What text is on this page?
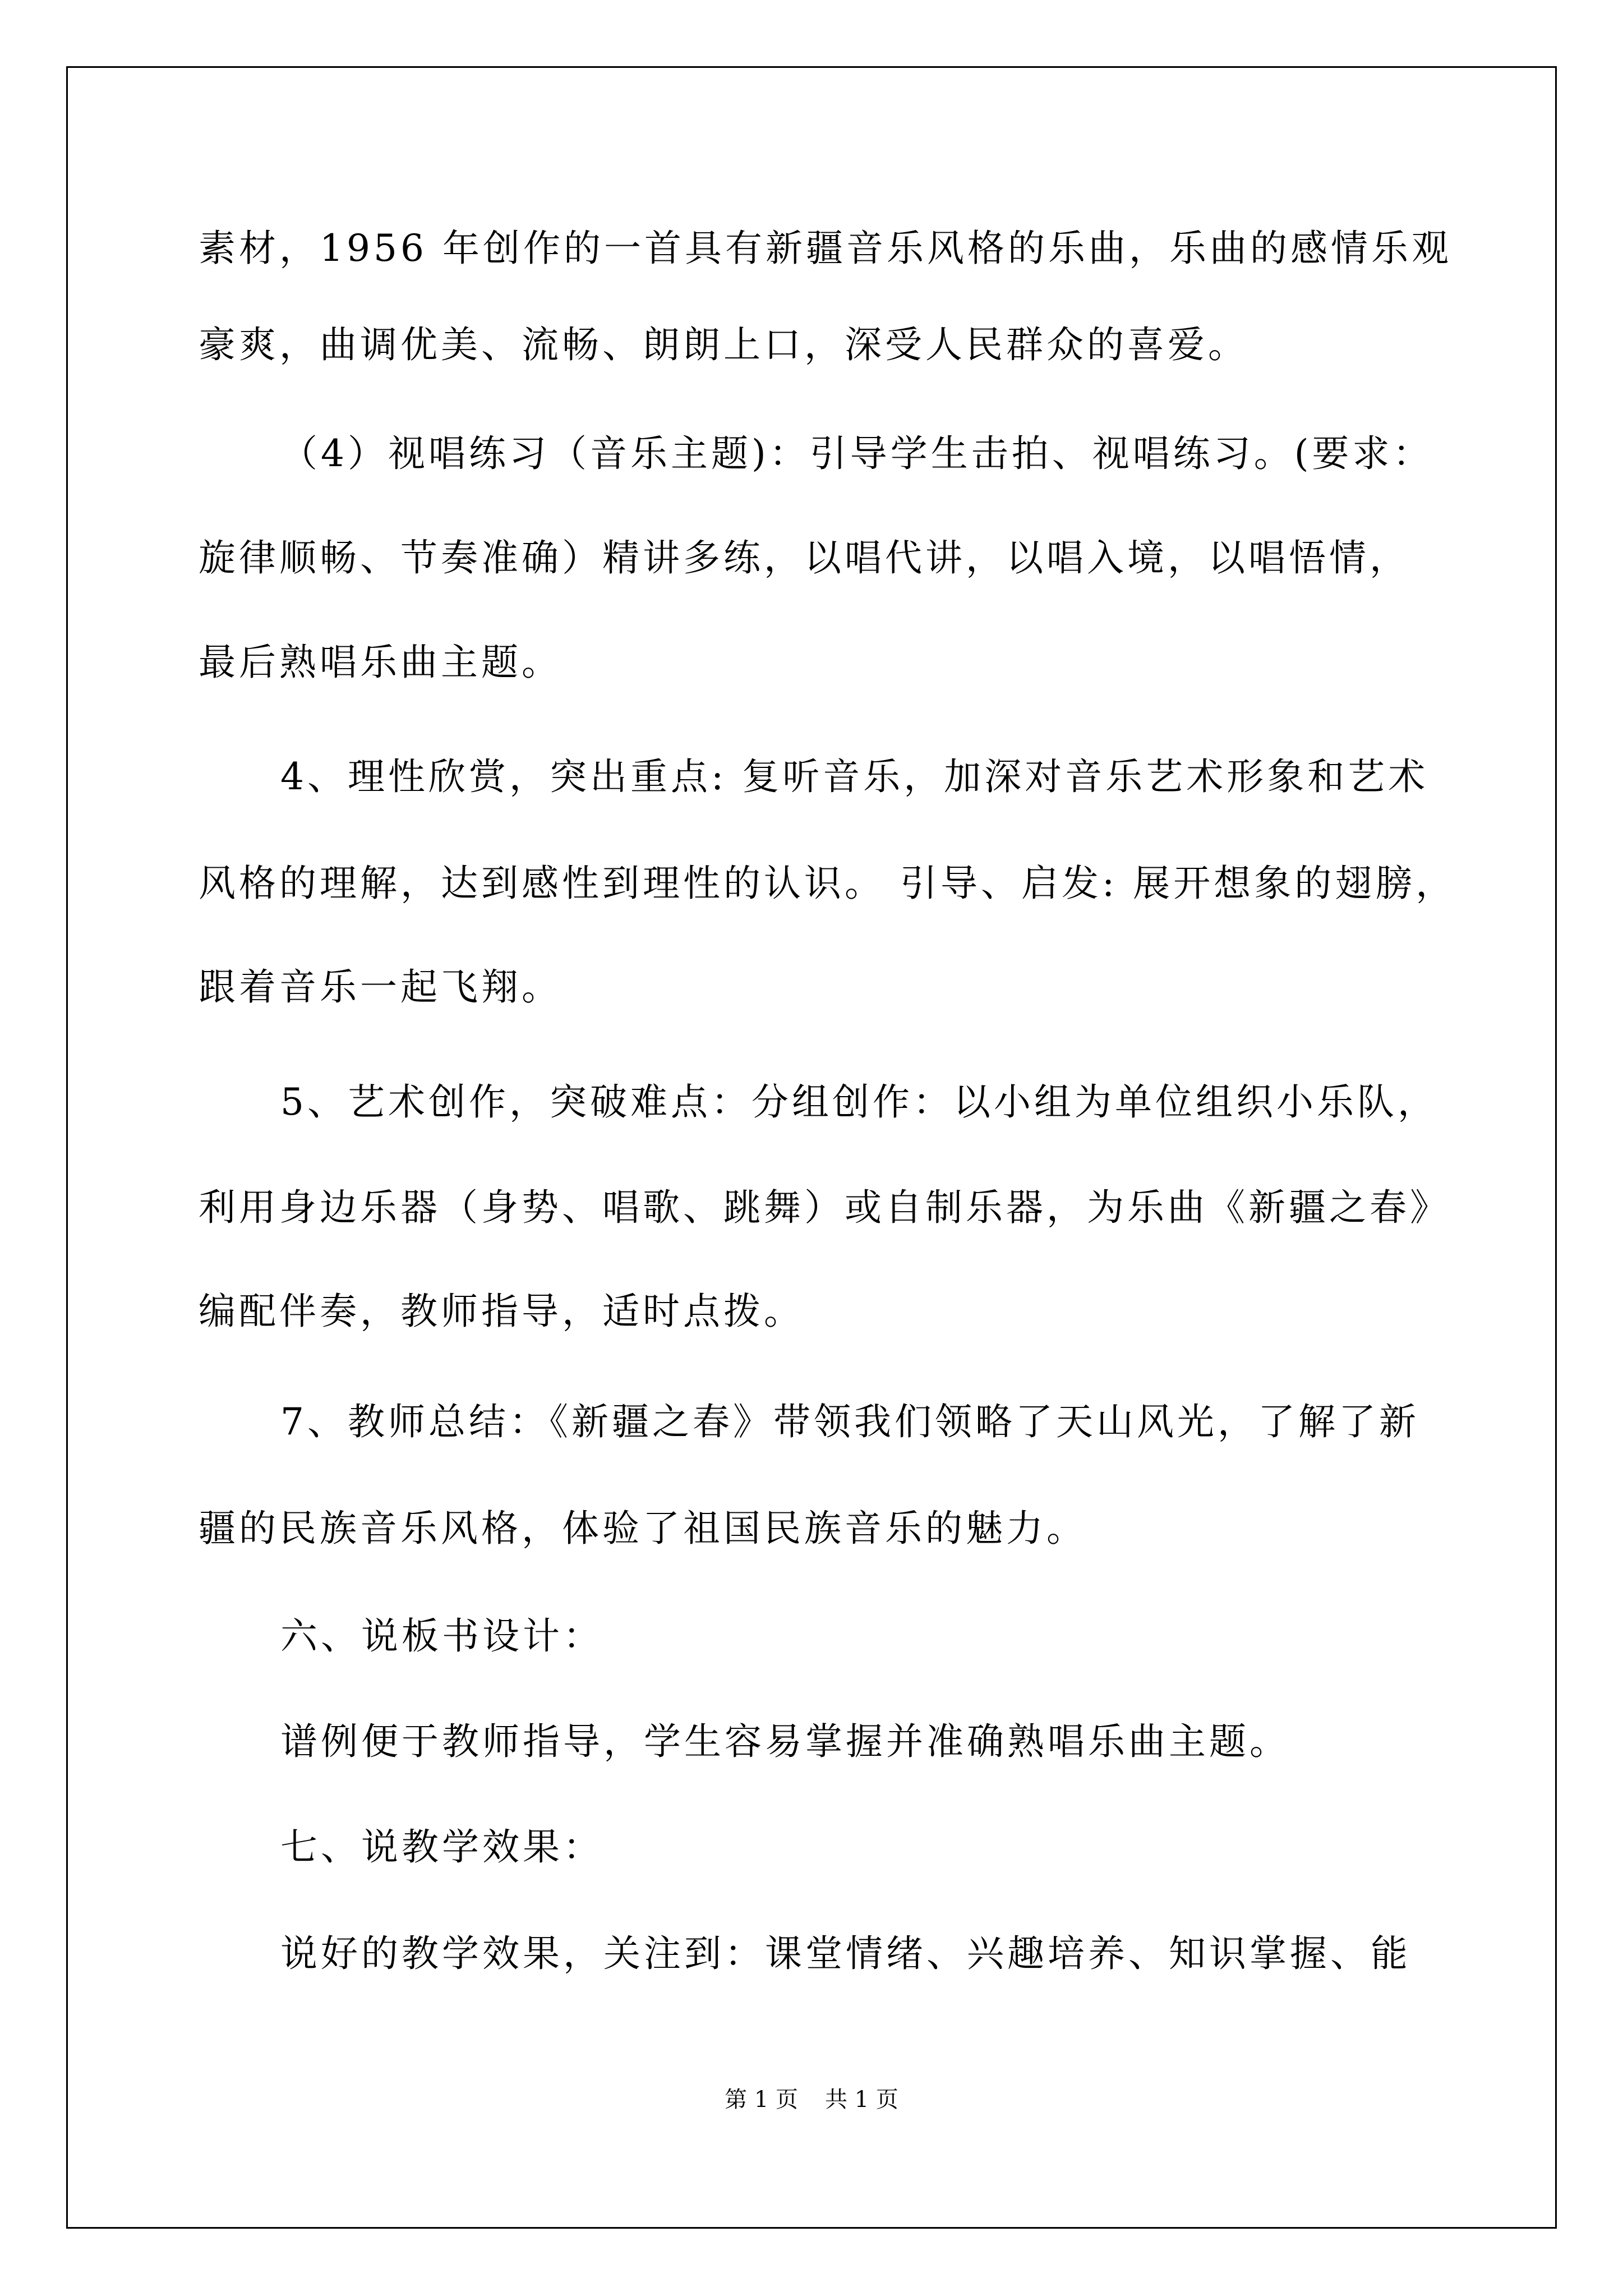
素材，1956 年创作的一首具有新疆音乐风格的乐曲，乐曲的感情乐观
豪爽，曲调优美、流畅、朗朗上口，深受人民群众的喜爱。
（4）视唱练习（音乐主题)：引导学生击拍、视唱练习。(要求：
旋律顺畅、节奏准确）精讲多练，以唱代讲，以唱入境，以唱悟情，
最后熟唱乐曲主题。
4、理性欣赏，突出重点: 复听音乐，加深对音乐艺术形象和艺术
风格的理解，达到感性到理性的认识。 引导、启发: 展开想象的翅膀，
跟着音乐一起飞翔。
5、艺术创作，突破难点：分组创作：以小组为单位组织小乐队，
利用身边乐器（身势、唱歌、跳舞）或自制乐器，为乐曲《新疆之春》
编配伴奏，教师指导，适时点拨。
7、教师总结：《新疆之春》带领我们领略了天山风光，了解了新
疆的民族音乐风格，体验了祖国民族音乐的魅力。
六、说板书设计：
谱例便于教师指导，学生容易掌握并准确熟唱乐曲主题。
七、说教学效果：
说好的教学效果，关注到：课堂情绪、兴趣培养、知识掌握、能
第 1 页 共 1 页
